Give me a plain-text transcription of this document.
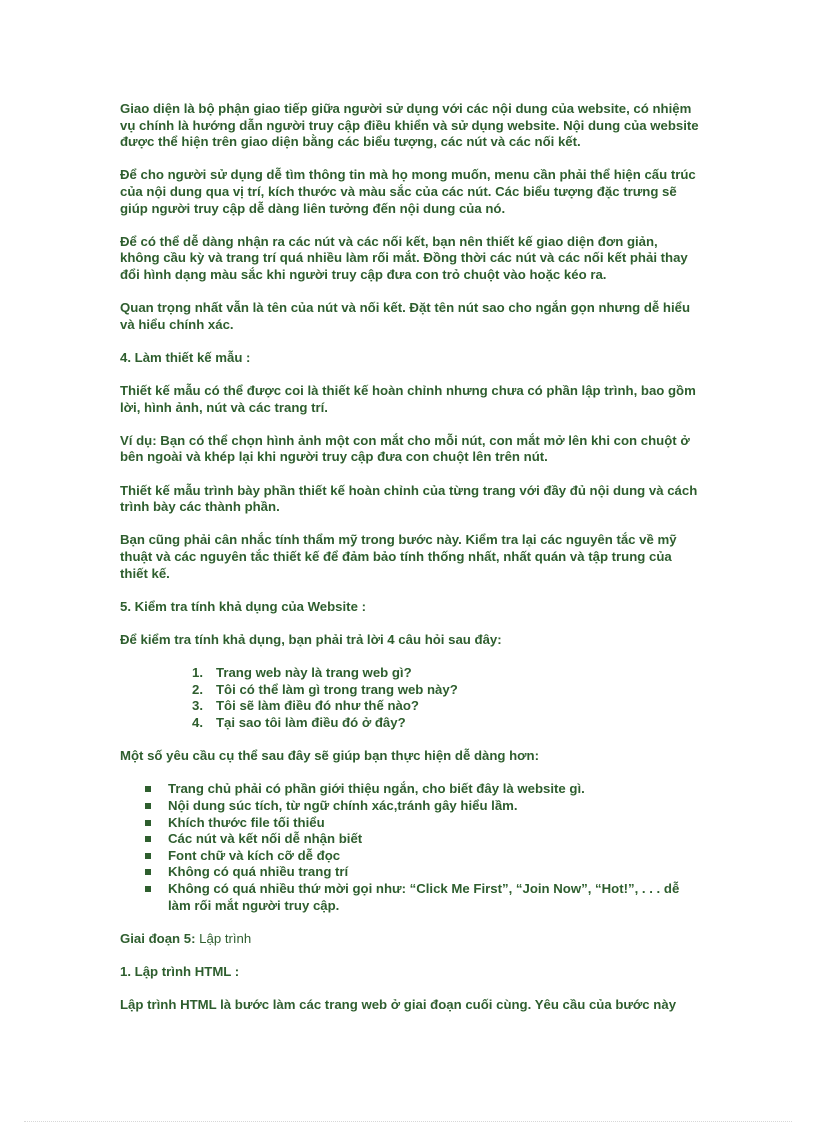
Giao diện là bộ phận giao tiếp giữa người sử dụng với các nội dung của website, có nhiệm vụ chính là hướng dẫn người truy cập điều khiển và sử dụng website. Nội dung của website được thể hiện trên giao diện bằng các biểu tượng, các nút và các nối kết.

Để cho người sử dụng dễ tìm thông tin mà họ mong muốn, menu cần phải thể hiện cấu trúc của nội dung qua vị trí, kích thước và màu sắc của các nút. Các biểu tượng đặc trưng sẽ giúp người truy cập dễ dàng liên tưởng đến nội dung của nó.

Để có thể dễ dàng nhận ra các nút và các nối kết, bạn nên thiết kế giao diện đơn giản, không cầu kỳ và trang trí quá nhiều làm rối mắt. Đồng thời các nút và các nối kết phải thay đổi hình dạng màu sắc khi người truy cập đưa con trỏ chuột vào hoặc kéo ra.

Quan trọng nhất vẫn là tên của nút và nối kết. Đặt tên nút sao cho ngắn gọn nhưng dễ hiểu và hiểu chính xác.

4. Làm thiết kế mẫu :

Thiết kế mẫu có thể được coi là thiết kế hoàn chỉnh nhưng chưa có phần lập trình, bao gồm lời, hình ảnh, nút và các trang trí.

Ví dụ: Bạn có thể chọn hình ảnh một con mắt cho mỗi nút, con mắt mở lên khi con chuột ở bên ngoài và khép lại khi người truy cập đưa con chuột lên trên nút.

Thiết kế mẫu trình bày phần thiết kế hoàn chỉnh của từng trang với đầy đủ nội dung và cách trình bày các thành phần.

Bạn cũng phải cân nhắc tính thẩm mỹ trong bước này. Kiểm tra lại các nguyên tắc về mỹ thuật và các nguyên tắc thiết kế để đảm bảo tính thống nhất, nhất quán và tập trung của thiết kế.

5. Kiểm tra tính khả dụng của Website :

Để kiểm tra tính khả dụng, bạn phải trả lời 4 câu hỏi sau đây:

1. Trang web này là trang web gì?
2. Tôi có thể làm gì trong trang web này?
3. Tôi sẽ làm điều đó như thế nào?
4. Tại sao tôi làm điều đó ở đây?

Một số yêu cầu cụ thể sau đây sẽ giúp bạn thực hiện dễ dàng hơn:

Trang chủ phải có phần giới thiệu ngắn, cho biết đây là website gì.
Nội dung súc tích, từ ngữ chính xác,tránh gây hiểu lầm.
Khích thước file tối thiểu
Các nút và kết nối dễ nhận biết
Font chữ và kích cỡ dễ đọc
Không có quá nhiều trang trí
Không có quá nhiều thứ mời gọi như: “Click Me First”, “Join Now”, “Hot!”, . . . dễ làm rối mắt người truy cập.

Giai đoạn 5: Lập trình

1. Lập trình HTML :

Lập trình HTML là bước làm các trang web ở giai đoạn cuối cùng. Yêu cầu của bước này
